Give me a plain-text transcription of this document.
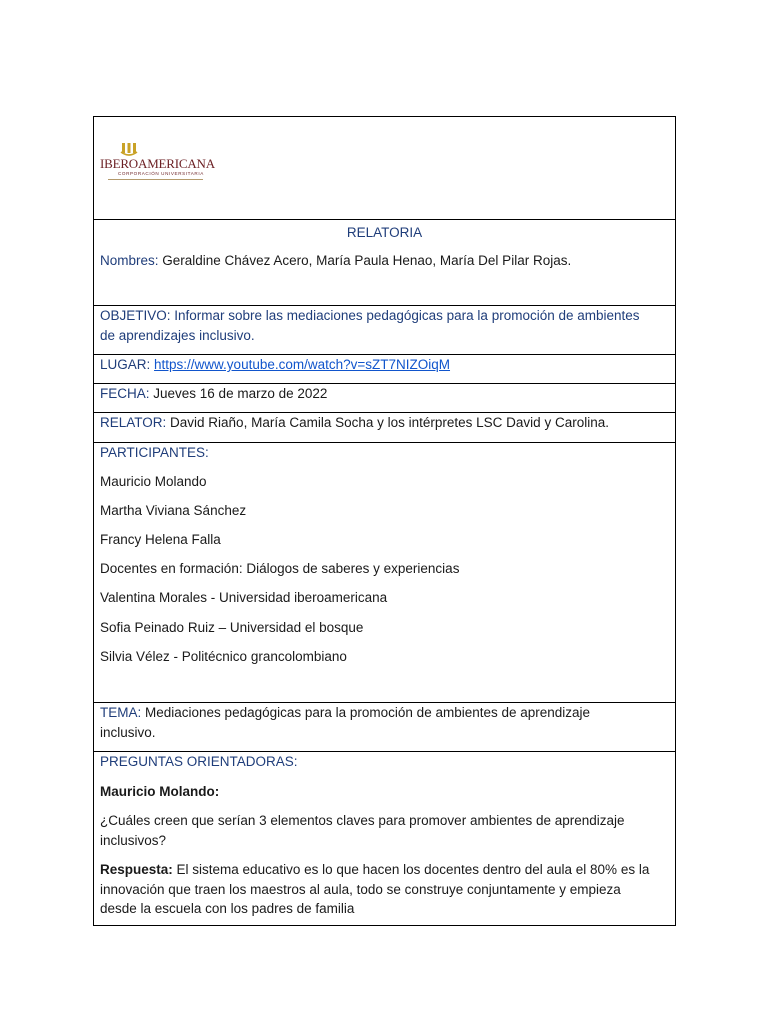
IBEROAMERICANA
CORPORACIÓN UNIVERSITARIA

RELATORIA

Nombres: Geraldine Chávez Acero, María Paula Henao, María Del Pilar Rojas.

OBJETIVO: Informar sobre las mediaciones pedagógicas para la promoción de ambientes

de aprendizajes inclusivo.

LUGAR: https://www.youtube.com/watch?v=sZT7NIZOiqM

FECHA: Jueves 16 de marzo de 2022

RELATOR: David Riaño, María Camila Socha y los intérpretes LSC David y Carolina.

PARTICIPANTES:

Mauricio Molando

Martha Viviana Sánchez

Francy Helena Falla

Docentes en formación: Diálogos de saberes y experiencias

Valentina Morales - Universidad iberoamericana

Sofia Peinado Ruiz – Universidad el bosque

Silvia Vélez - Politécnico grancolombiano

TEMA: Mediaciones pedagógicas para la promoción de ambientes de aprendizaje

inclusivo.

PREGUNTAS ORIENTADORAS:

Mauricio Molando:

¿Cuáles creen que serían 3 elementos claves para promover ambientes de aprendizaje

inclusivos?

Respuesta: El sistema educativo es lo que hacen los docentes dentro del aula el 80% es la

innovación que traen los maestros al aula, todo se construye conjuntamente y empieza

desde la escuela con los padres de familia
